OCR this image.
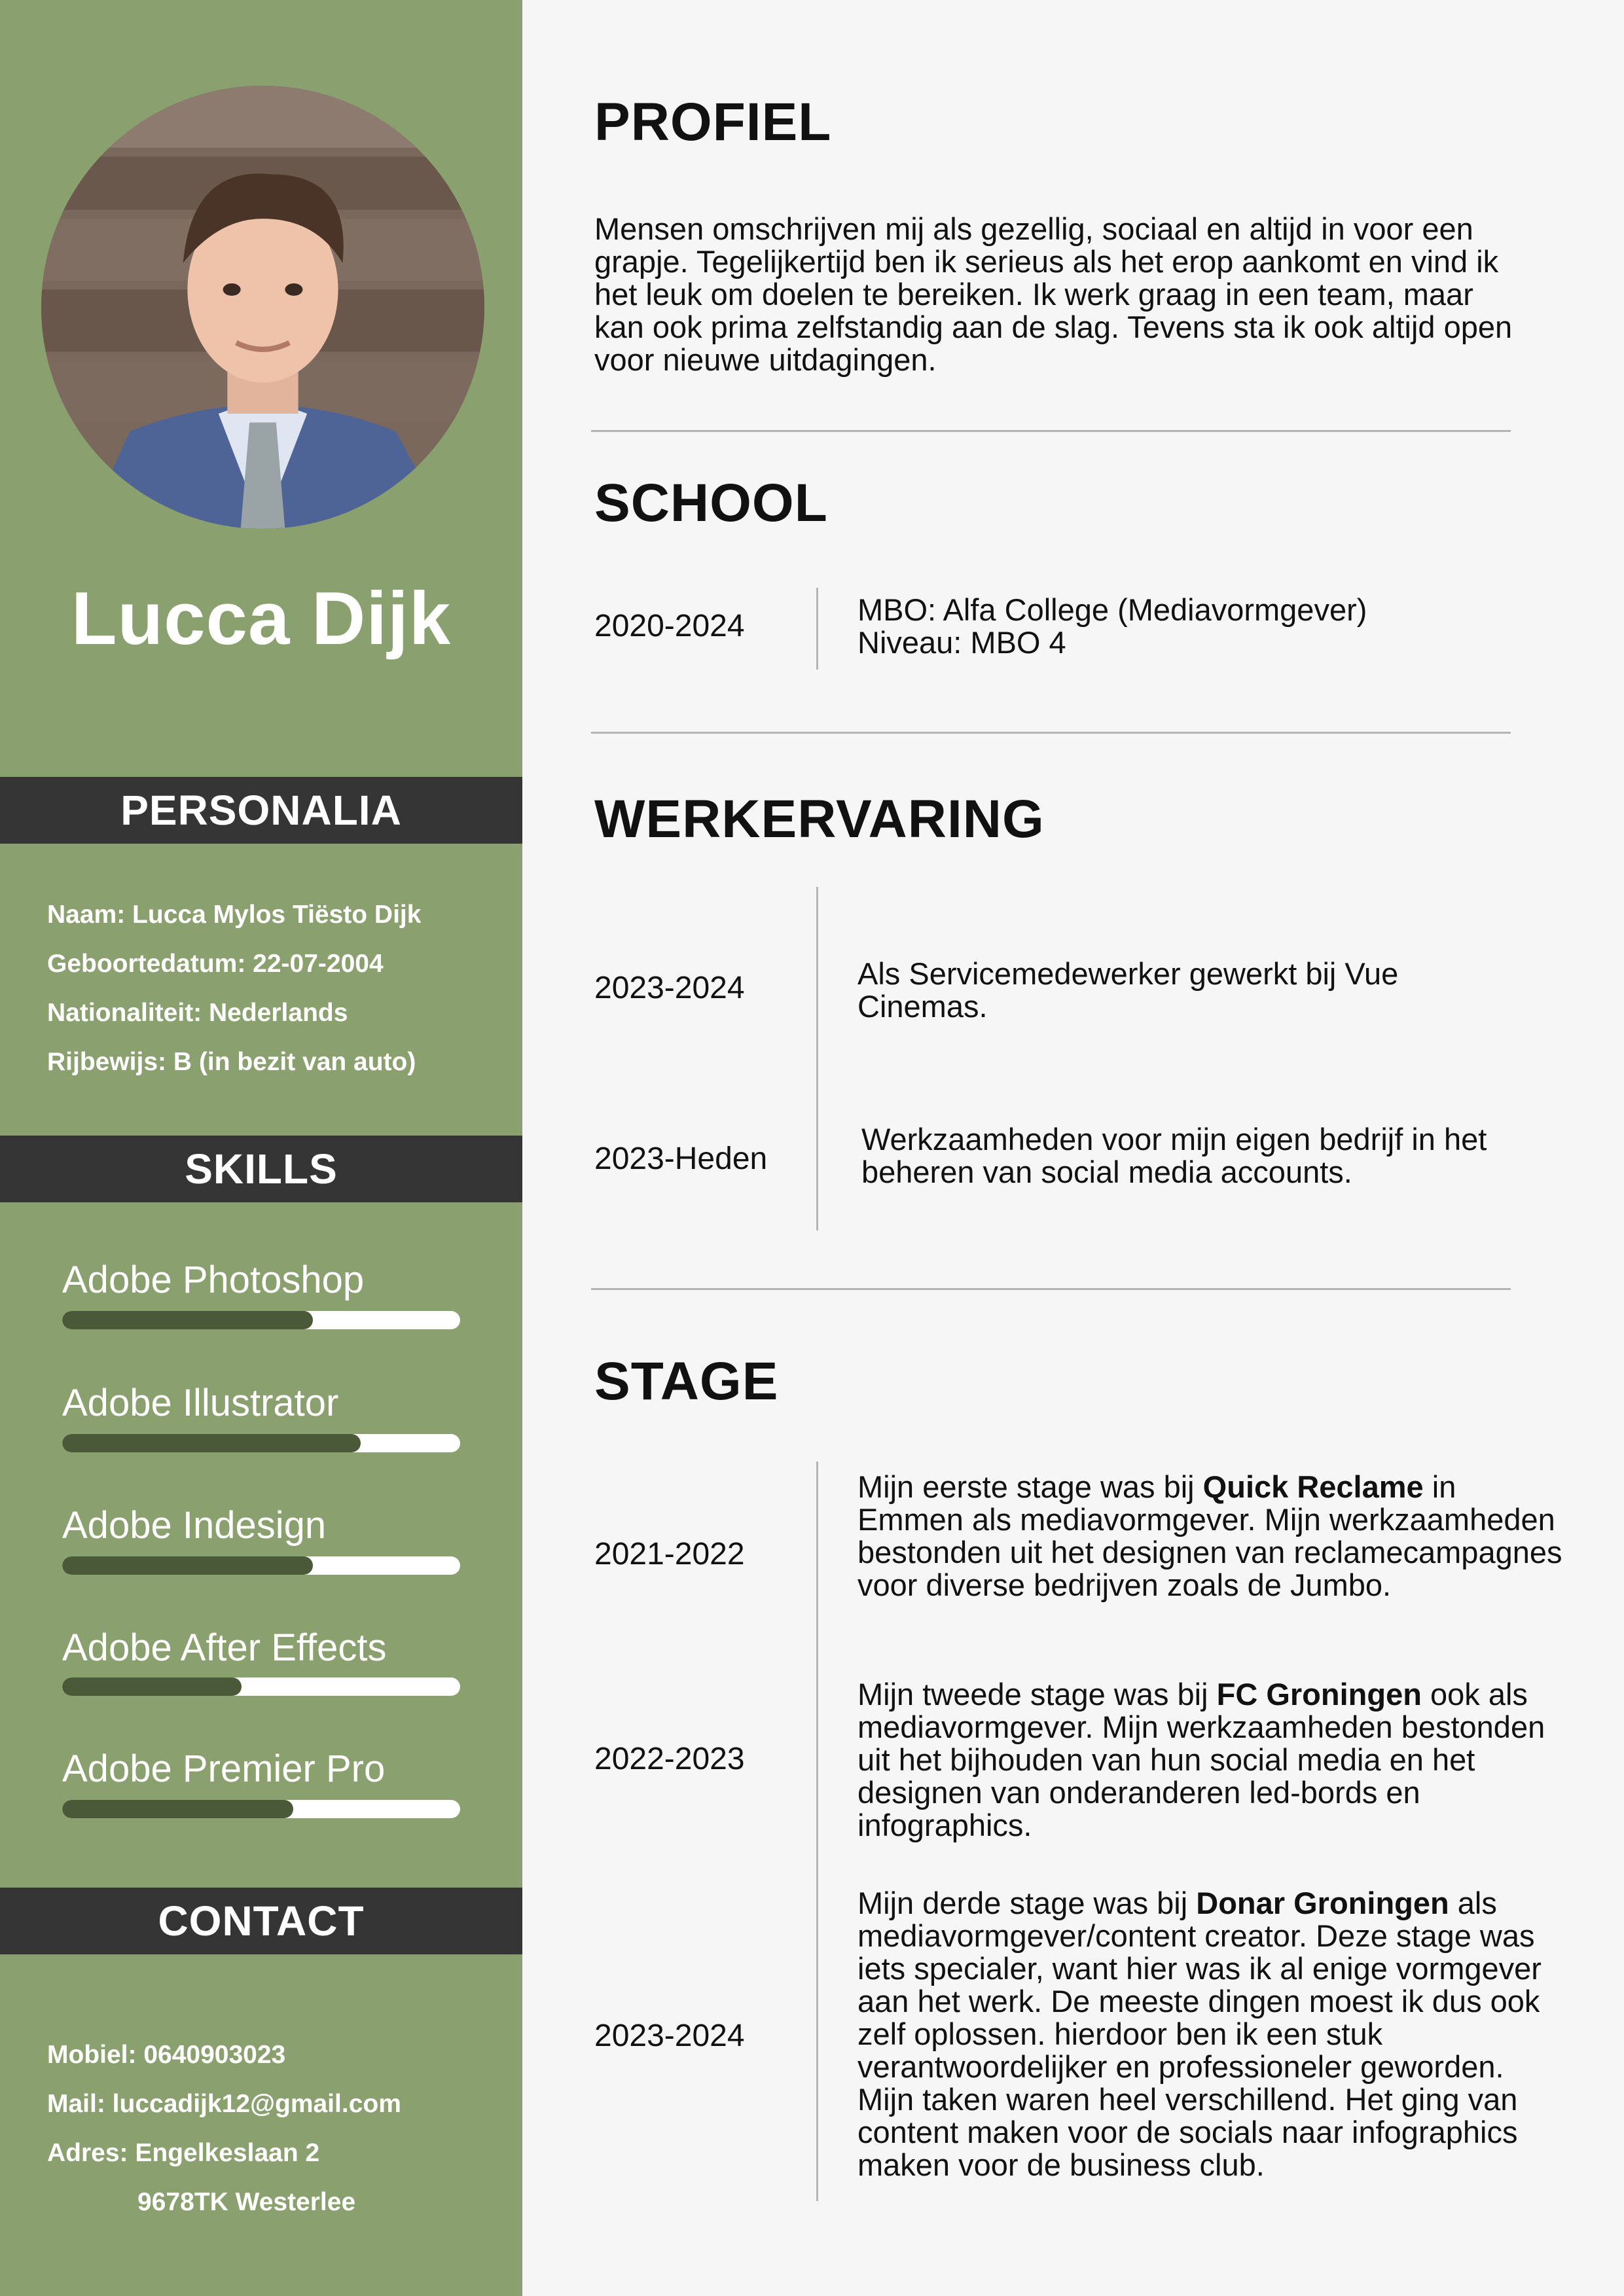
Lucca Dijk
PERSONALIA
Naam: Lucca Mylos Tiësto Dijk
Geboortedatum: 22-07-2004
Nationaliteit: Nederlands
Rijbewijs: B (in bezit van auto)
SKILLS
Adobe Photoshop
Adobe Illustrator
Adobe Indesign
Adobe After Effects
Adobe Premier Pro
CONTACT
Mobiel: 0640903023
Mail: luccadijk12@gmail.com
Adres: Engelkeslaan 2
9678TK Westerlee
PROFIEL
Mensen omschrijven mij als gezellig, sociaal en altijd in voor een grapje. Tegelijkertijd ben ik serieus als het erop aankomt en vind ik het leuk om doelen te bereiken. Ik werk graag in een team, maar kan ook prima zelfstandig aan de slag. Tevens sta ik ook altijd open voor nieuwe uitdagingen.
SCHOOL
2020-2024	MBO: Alfa College (Mediavormgever)
Niveau: MBO 4
WERKERVARING
2023-2024	Als Servicemedewerker gewerkt bij Vue Cinemas.
2023-Heden
Werkzaamheden voor mijn eigen bedrijf in het beheren van social media accounts.
STAGE
2021-2022
Mijn eerste stage was bij Quick Reclame in Emmen als mediavormgever. Mijn werkzaamheden bestonden uit het designen van reclamecampagnes voor diverse bedrijven zoals de Jumbo.
2022-2023
Mijn tweede stage was bij FC Groningen ook als mediavormgever. Mijn werkzaamheden bestonden uit het bijhouden van hun social media en het designen van onderanderen led-bords en infographics.
2023-2024
Mijn derde stage was bij Donar Groningen als mediavormgever/content creator. Deze stage was iets specialer, want hier was ik al enige vormgever aan het werk. De meeste dingen moest ik dus ook zelf oplossen. hierdoor ben ik een stuk verantwoordelijker en professioneler geworden. Mijn taken waren heel verschillend. Het ging van content maken voor de socials naar infographics maken voor de business club.
